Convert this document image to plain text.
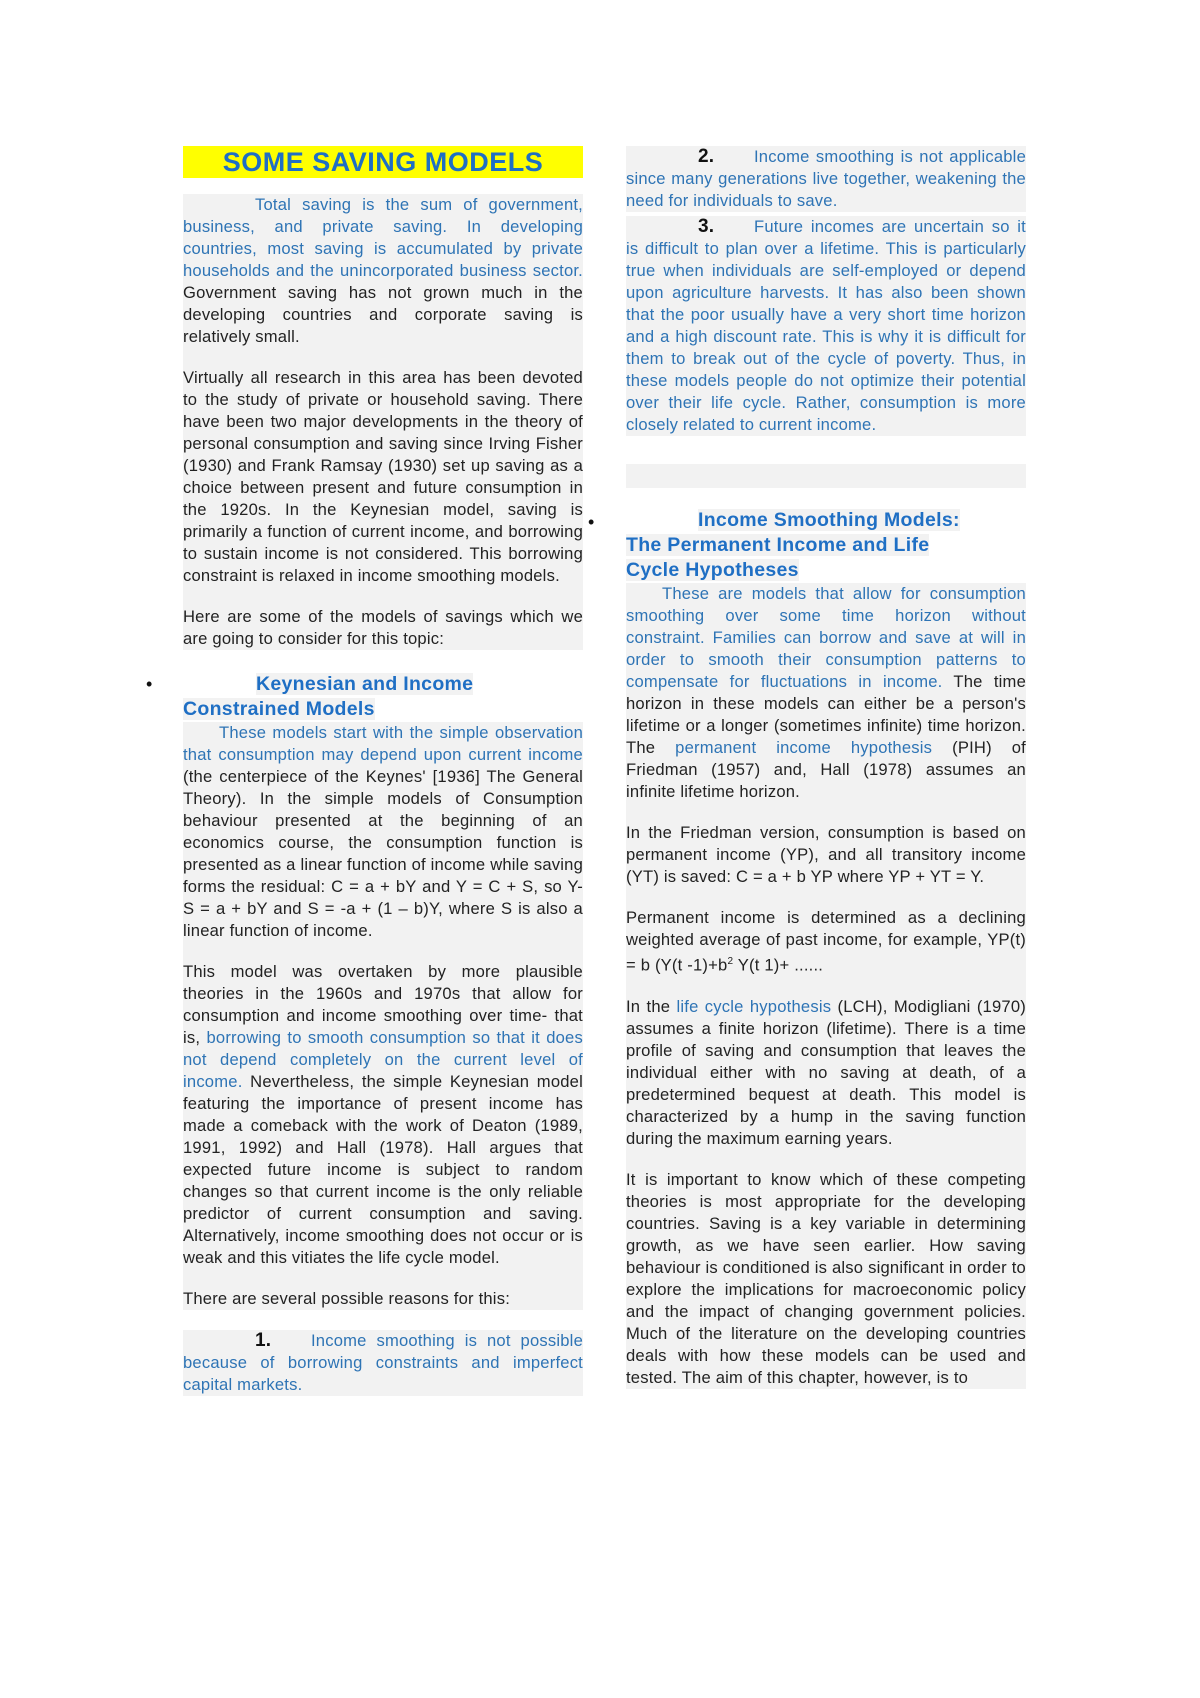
SOME SAVING MODELS

Total saving is the sum of government, business, and private saving. In developing countries, most saving is accumulated by private households and the unincorporated business sector. Government saving has not grown much in the developing countries and corporate saving is relatively small.

Virtually all research in this area has been devoted to the study of private or household saving. There have been two major developments in the theory of personal consumption and saving since Irving Fisher (1930) and Frank Ramsay (1930) set up saving as a choice between present and future consumption in the 1920s. In the Keynesian model, saving is primarily a function of current income, and borrowing to sustain income is not considered. This borrowing constraint is relaxed in income smoothing models.

Here are some of the models of savings which we are going to consider for this topic:

•	Keynesian and Income
Constrained Models

These models start with the simple observation that consumption may depend upon current income (the centerpiece of the Keynes' [1936] The General Theory). In the simple models of Consumption behaviour presented at the beginning of an economics course, the consumption function is presented as a linear function of income while saving forms the residual: C = a + bY and Y = C + S, so Y- S = a + bY and S = -a + (1 – b)Y, where S is also a linear function of income.

This model was overtaken by more plausible theories in the 1960s and 1970s that allow for consumption and income smoothing over time- that is, borrowing to smooth consumption so that it does not depend completely on the current level of income. Nevertheless, the simple Keynesian model featuring the importance of present income has made a comeback with the work of Deaton (1989, 1991, 1992) and Hall (1978). Hall argues that expected future income is subject to random changes so that current income is the only reliable predictor of current consumption and saving. Alternatively, income smoothing does not occur or is weak and this vitiates the life cycle model.

There are several possible reasons for this:

1. Income smoothing is not possible because of borrowing constraints and imperfect capital markets.

2. Income smoothing is not applicable since many generations live together, weakening the need for individuals to save.

3. Future incomes are uncertain so it is difficult to plan over a lifetime. This is particularly true when individuals are self-employed or depend upon agriculture harvests. It has also been shown that the poor usually have a very short time horizon and a high discount rate. This is why it is difficult for them to break out of the cycle of poverty. Thus, in these models people do not optimize their potential over their life cycle. Rather, consumption is more closely related to current income.

•	Income Smoothing Models:
The Permanent Income and Life
Cycle Hypotheses

These are models that allow for consumption smoothing over some time horizon without constraint. Families can borrow and save at will in order to smooth their consumption patterns to compensate for fluctuations in income. The time horizon in these models can either be a person's lifetime or a longer (sometimes infinite) time horizon. The permanent income hypothesis (PIH) of Friedman (1957) and, Hall (1978) assumes an infinite lifetime horizon.

In the Friedman version, consumption is based on permanent income (YP), and all transitory income (YT) is saved: C = a + b YP where YP + YT = Y.

Permanent income is determined as a declining weighted average of past income, for example, YP(t) = b (Y(t $-1)+b^2$ Y(t 1)+ ......

In the life cycle hypothesis (LCH), Modigliani (1970) assumes a finite horizon (lifetime). There is a time profile of saving and consumption that leaves the individual either with no saving at death, of a predetermined bequest at death. This model is characterized by a hump in the saving function during the maximum earning years.

It is important to know which of these competing theories is most appropriate for the developing countries. Saving is a key variable in determining growth, as we have seen earlier. How saving behaviour is conditioned is also significant in order to explore the implications for macroeconomic policy and the impact of changing government policies. Much of the literature on the developing countries deals with how these models can be used and tested. The aim of this chapter, however, is to
